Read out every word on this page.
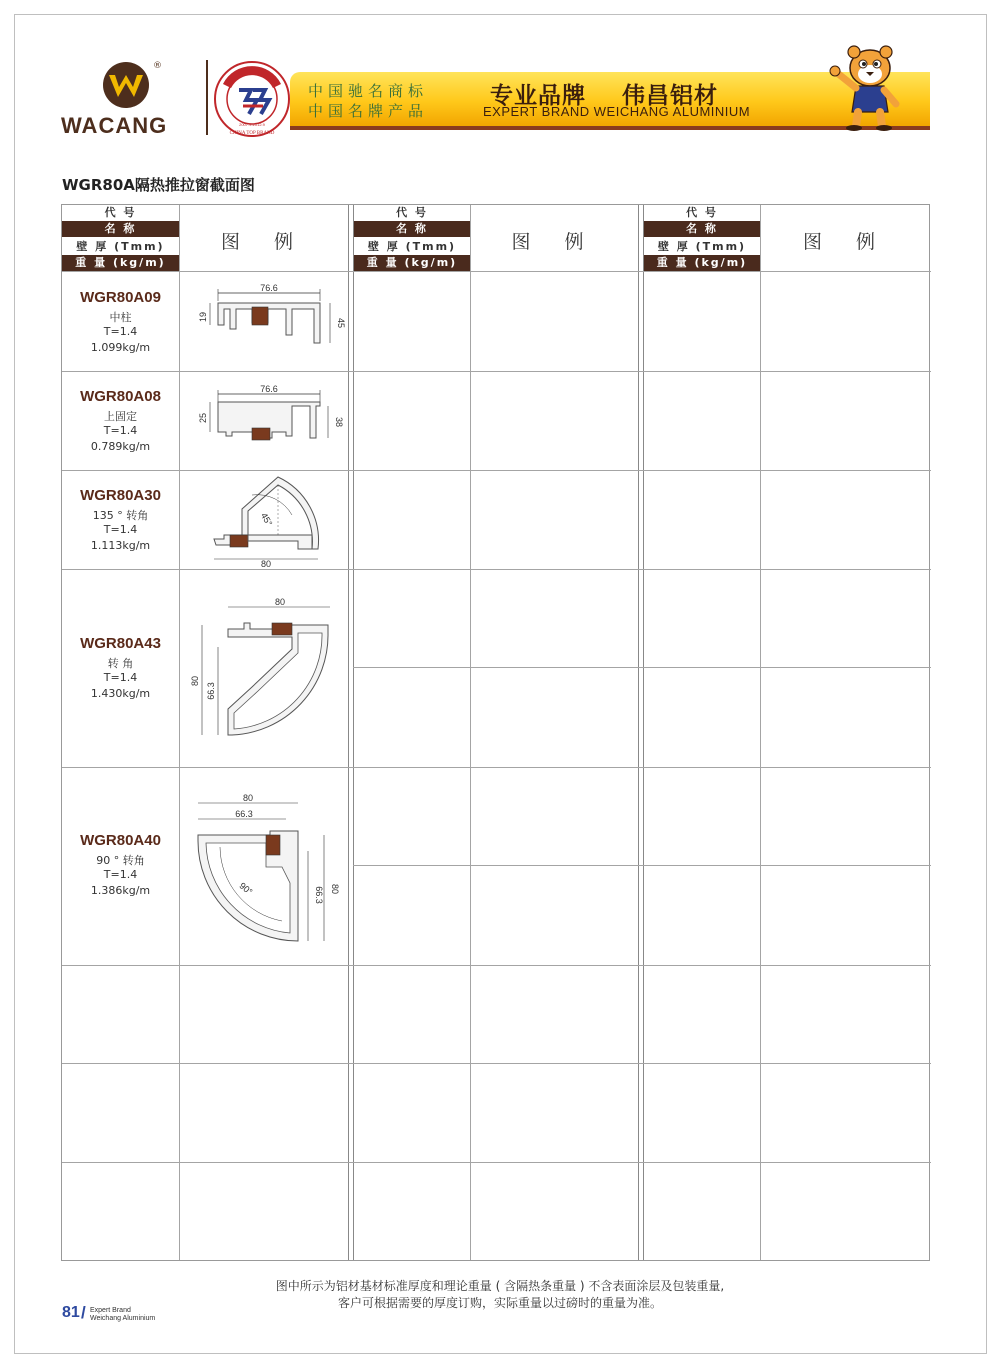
®
WACANG
中国名牌
2007.9-2012.9
CHINA TOP BRAND
中国驰名商标
中国名牌产品
专业品牌    伟昌铝材
EXPERT BRAND WEICHANG ALUMINIUM
WGR80A隔热推拉窗截面图
代 号
名 称
壁 厚 (Tmm)
重 量 (kg/m)
图 例
代 号
名 称
壁 厚 (Tmm)
重 量 (kg/m)
图 例
代 号
名 称
壁 厚 (Tmm)
重 量 (kg/m)
图 例
WGR80A09
中柱
T=1.4
1.099kg/m
76.6
19
45
WGR80A08
上固定
T=1.4
0.789kg/m
76.6
25	38
WGR80A30
135 ° 转角
T=1.4
1.113kg/m
45°
80
WGR80A43
转 角
T=1.4
1.430kg/m
80
80
66.3
WGR80A40
90 ° 转角
T=1.4
1.386kg/m
80
66.3
90°	66.3 80
图中所示为铝材基材标准厚度和理论重量 ( 含隔热条重量 ) 不含表面涂层及包装重量,
客户可根据需要的厚度订购，实际重量以过磅时的重量为准。
81 / Expert Brand
Weichang Aluminium
